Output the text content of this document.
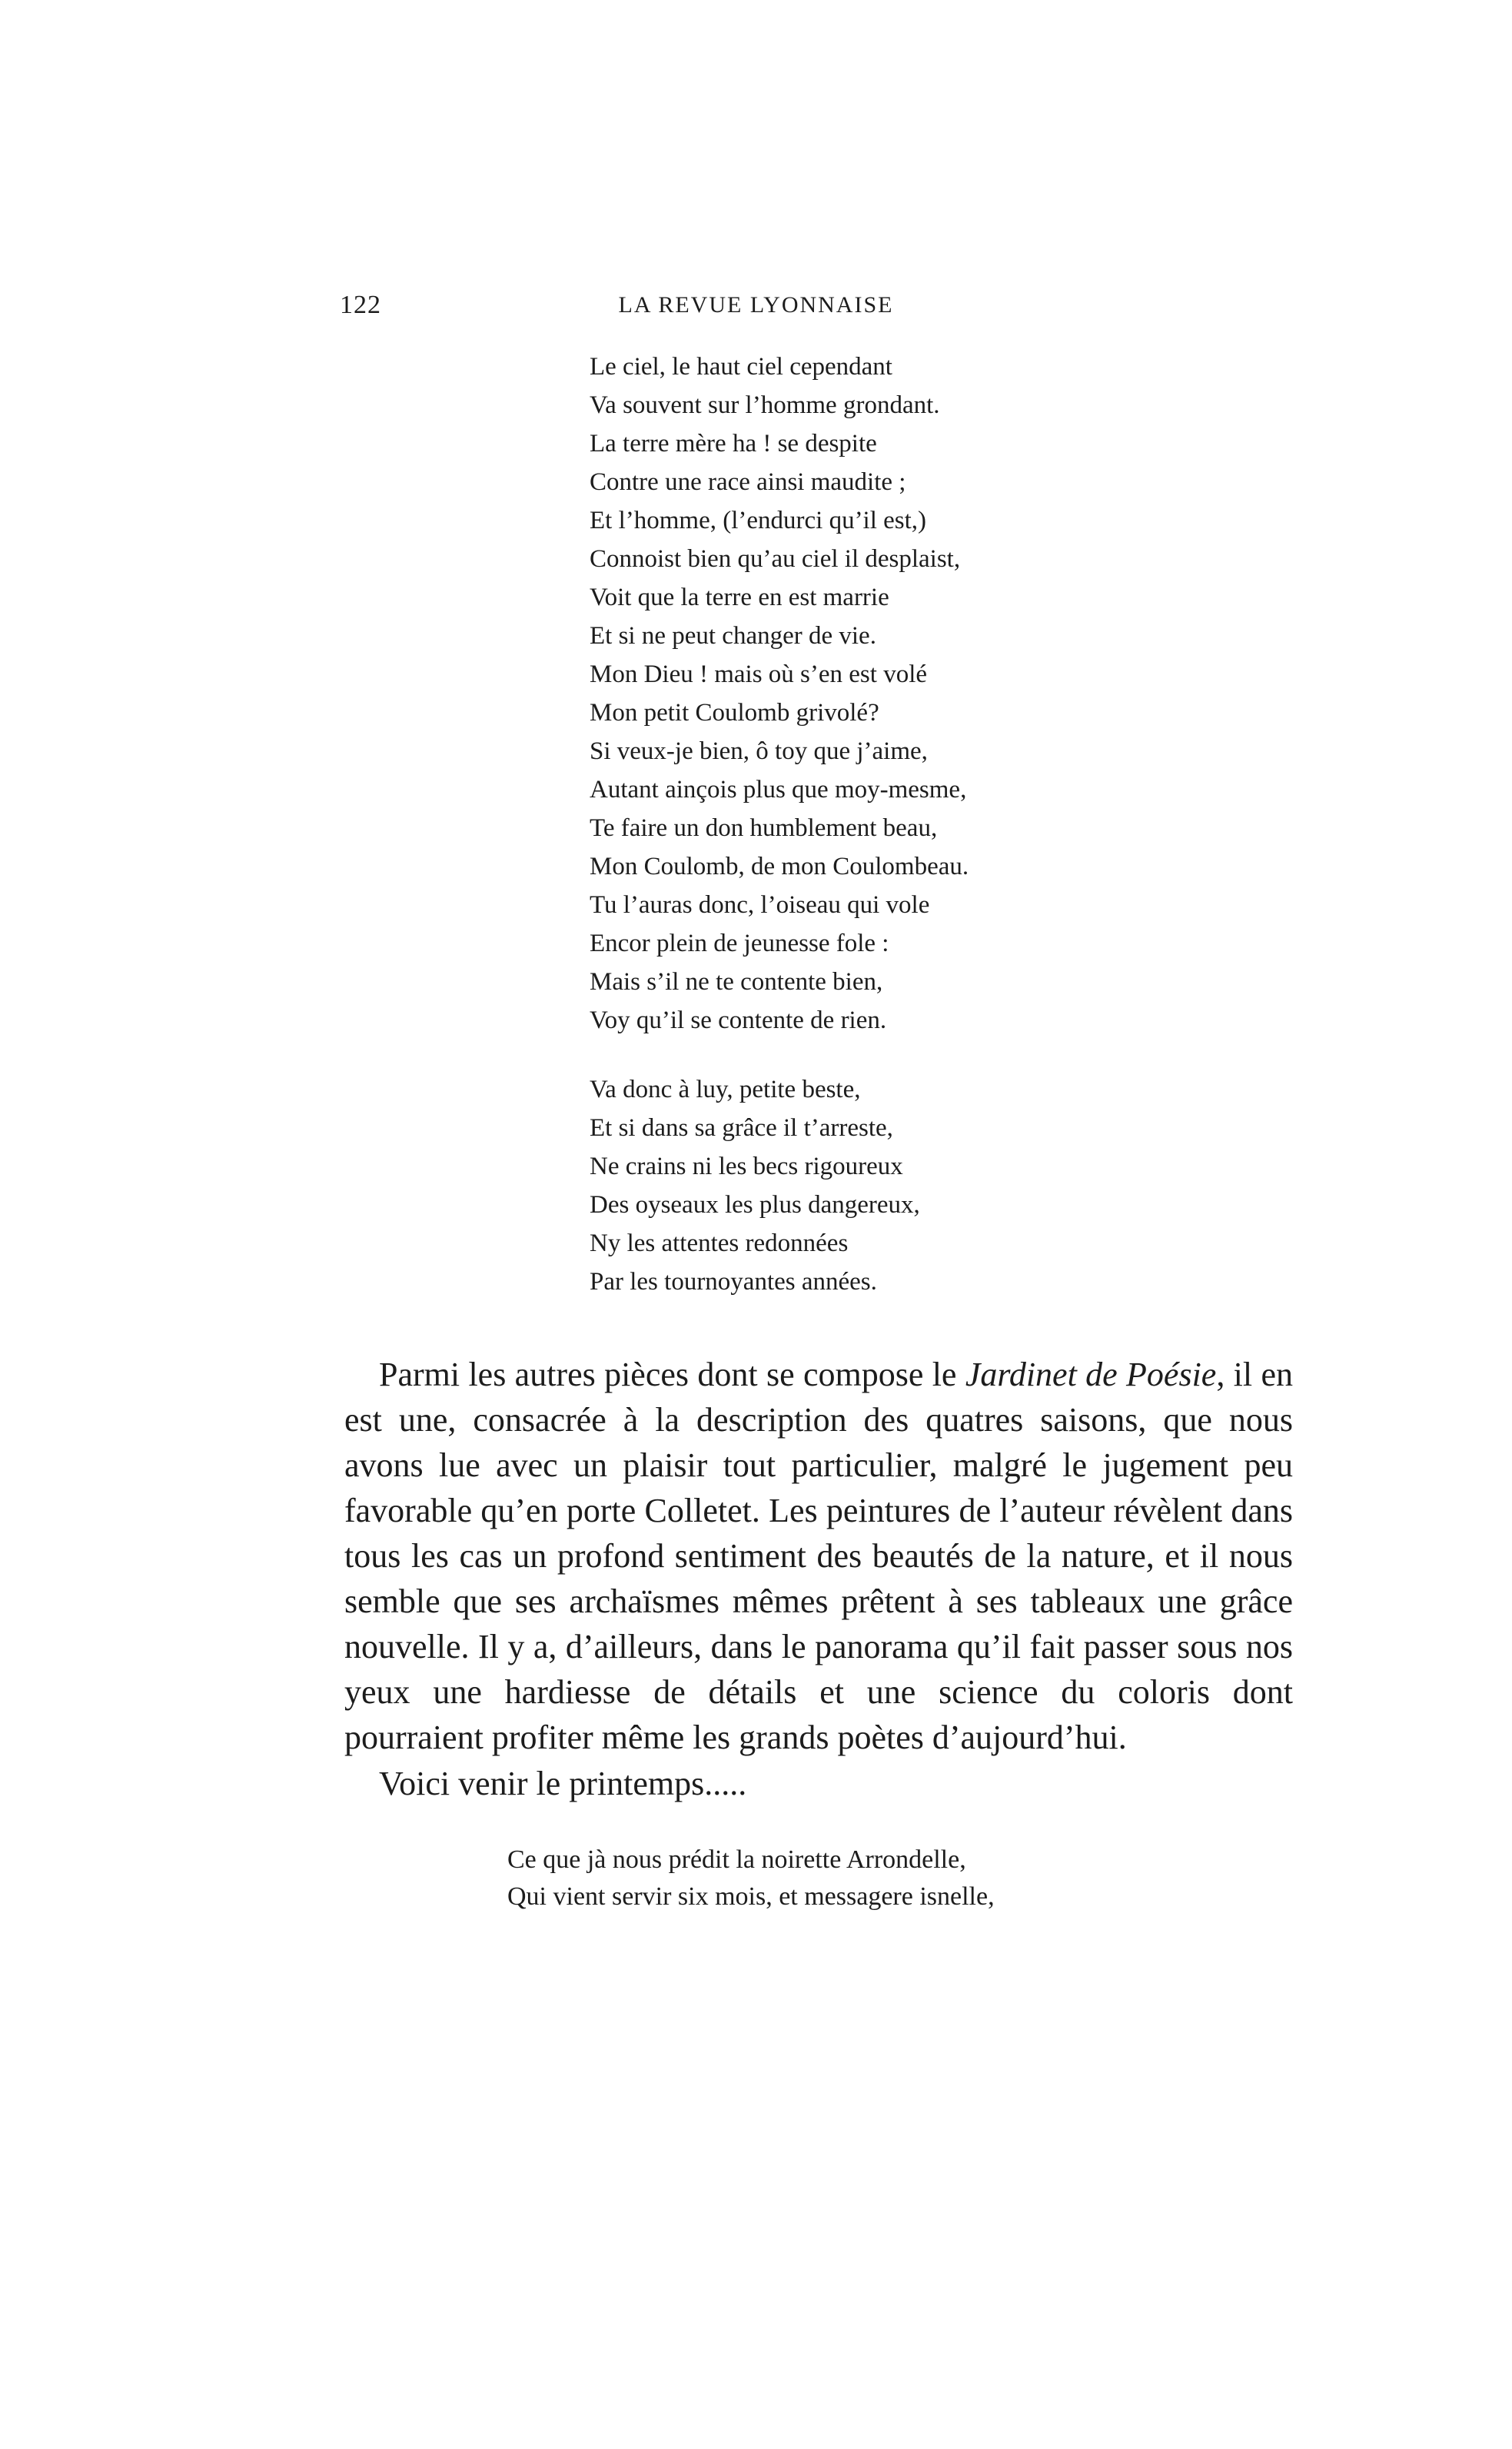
122	LA REVUE LYONNAISE
Le ciel, le haut ciel cependant
Va souvent sur l’homme grondant.
La terre mère ha ! se despite
Contre une race ainsi maudite ;
Et l’homme, (l’endurci qu’il est,)
Connoist bien qu’au ciel il desplaist,
Voit que la terre en est marrie
Et si ne peut changer de vie.
Mon Dieu ! mais où s’en est volé
Mon petit Coulomb grivolé?
Si veux-je bien, ô toy que j’aime,
Autant ainçois plus que moy-mesme,
Te faire un don humblement beau,
Mon Coulomb, de mon Coulombeau.
Tu l’auras donc, l’oiseau qui vole
Encor plein de jeunesse fole :
Mais s’il ne te contente bien,
Voy qu’il se contente de rien.
Va donc à luy, petite beste,
Et si dans sa grâce il t’arreste,
Ne crains ni les becs rigoureux
Des oyseaux les plus dangereux,
Ny les attentes redonnées
Par les tournoyantes années.

Parmi les autres pièces dont se compose le Jardinet de Poésie, il en est une, consacrée à la description des quatres saisons, que nous avons lue avec un plaisir tout particulier, malgré le jugement peu favorable qu’en porte Colletet. Les peintures de l’auteur révèlent dans tous les cas un profond sentiment des beautés de la nature, et il nous semble que ses archaïsmes mêmes prêtent à ses tableaux une grâce nouvelle. Il y a, d’ailleurs, dans le panorama qu’il fait passer sous nos yeux une hardiesse de détails et une science du coloris dont pourraient profiter même les grands poètes d’aujourd’hui.

Voici venir le printemps.....

Ce que jà nous prédit la noirette Arrondelle,
Qui vient servir six mois, et messagere isnelle,
